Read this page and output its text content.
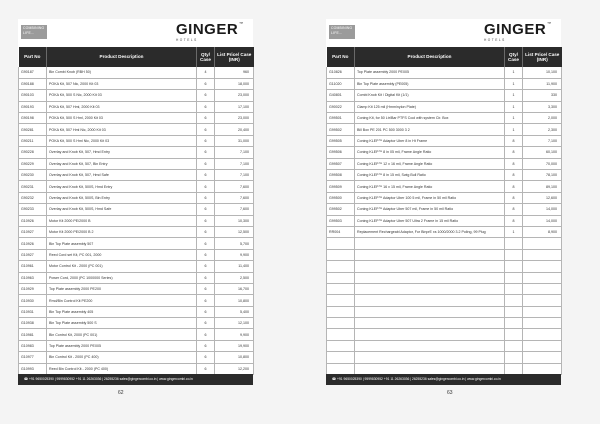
COMBINING
LIFE...	GINGER™
HOTELS
Part No	Product Description	Qty/ Case	List Price/ Case (INR)
G90187	Bin Combi Knob (RBH 50)	4	960
G90188	POKA Kit, 507 Nic, 2000 Kit 03	6	18,000
G90103	POKA Kit, 500 S Nic, 2000 Kit 03	6	23,000
G90193	POKA Kit, 507 Hml, 2000 Kit 03	6	17,100
G90198	POKA Kit, 500 S Hml, 2000 Kit 03	6	23,000
G90281	POKA Kit, 507 Hml Nic, 2000 Kit 03	6	20,400
G90211	POKA Kit, 500 S Hml Nic, 2000 Kit 03	6	31,000
G90228	Overlay and Knob Kit, 507, Hmd Entry	6	7,100
G90229	Overlay and Knob Kit, 507, Bin Entry	6	7,100
G90230	Overlay and Knob Kit, 507, Hmd Safe	6	7,100
G90231	Overlay and Knob Kit, 500S, Hmd Entry	6	7,600
G90232	Overlay and Knob Kit, 500S, Bin Entry	6	7,600
G90233	Overlay and Knob Kit, 500S, Hmd Safe	6	7,600
G10926	Motor Kit 2000 PE/2000 B	6	10,300
G10927	Motor Kit 2000 PE/2000 B 2	6	12,500
G10926	Bin Top Plate assembly 507	6	5,700
G10927	Reed Cord set Kit, PC 001, 2000	6	9,900
G10961	Motor Control Kit - 2000 (PC 001)	6	11,400
G10963	Power Cord, 2000 (PC 1000000 Series)	6	2,500
G10929	Top Plate assembly 2000 PE200	6	16,700
G10930	Rmd/Bin Control Kit PE200	6	10,800
G10931	Bin Top Plate assembly 405	6	5,400
G10938	Bin Top Plate assembly 500 S	6	12,100
G10981	Bin Control Kit, 2000 (PC 001)	6	9,900
G10983	Top Plate assembly 2000 PE005	6	19,900
G10977	Bin Control Kit - 2000 (PC 400)	6	10,800
G10993	Reed Bin Control Kit - 2000 (PC 400)	6	12,200
☎ +91 9650025390 | 9599830952 +91 11 26263036 | 26255236 sales@gingercombi.co.in | www.gingercombi.co.in
62
COMBINING
LIFE...	GINGER™
HOTELS
Part No	Product Description	Qty/ Case	List Price/ Case (INR)
G10826	Top Plate assembly 2000 PE005	1	10,100
G11020	Bin Top Plate assembly (PE005)	1	11,900
G40801	Combi Knob Kit / Digital Kit (1/1)	1	330
G90022	Clamp Kit 125 mil (Hmm/nylon Plate)	1	3,300
G99501	Coning Kit, for 50 Ltr/Bar PTFS Cool with system Cir. Box	1	2,000
G99502	Bill Box PE 201 PC 500 3000 3 2	1	2,300
G99505	Coning KLEP™ Adaptor Uber 8 in Ht Frame	8	7,100
G99506	Coning KLEP™ 8 in 05 mil, Frame Angle Ratio	8	60,100
G99507	Coning KLEP™ 12 x 16 mil, Frame Angle Ratio	8	70,000
G99508	Coning KLEP™ 8 in 15 mil, Swig Bull Ratio	8	78,100
G99509	Coning KLEP™ 16 x 15 mil, Frame Angle Ratio	8	89,100
G99500	Coning KLEP™ Adaptor Uber 100 5 mil, Frame in 50 mil Ratio	8	12,600
G99502	Coning KLEP™ Adaptor Uber 507 mil, Frame in 50 mil Ratio	8	14,000
G99503	Coning KLEP™ Adaptor Uber 507 Ultra 2 Frame in 15 mil Ratio	8	14,000
RR004	Replacement Rechargeabl Adaptor, For BinprE xs 1000/2000 3.2 Poling, 99 Plug	1	8,900

☎ +91 9650025390 | 9599830952 +91 11 26263036 | 26255236 sales@gingercombi.co.in | www.gingercombi.co.in
63
